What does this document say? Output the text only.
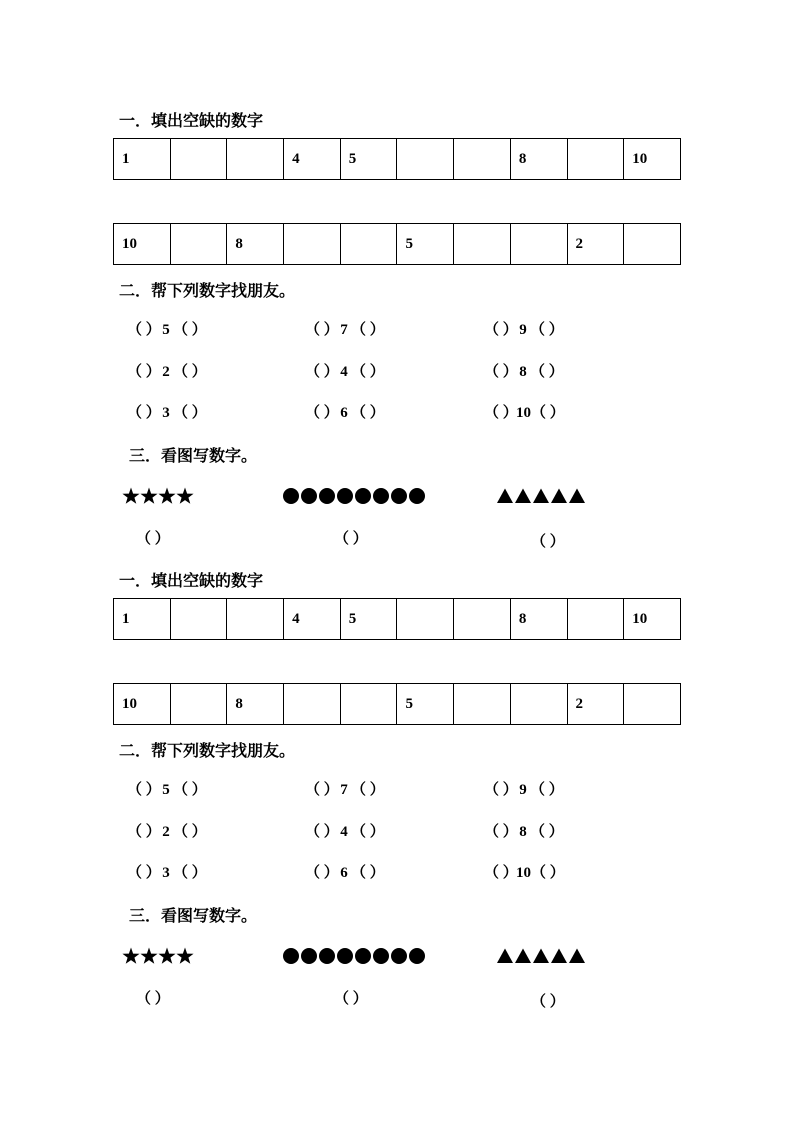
一．填出空缺的数字
1			4	5			8		10
10		8			5			2	
二．帮下列数字找朋友。
（ ）5 （ ）	（ ）7 （ ）	（ ）9 （ ）
（ ）2 （ ）	（ ）4 （ ）	（ ）8 （ ）
（ ）3 （ ）	（ ）6 （ ）	（ ）10（ ）
三．看图写数字。
（ ）	（ ）	（ ）
一．填出空缺的数字
1			4	5			8		10
10		8			5			2	
二．帮下列数字找朋友。
（ ）5 （ ）	（ ）7 （ ）	（ ）9 （ ）
（ ）2 （ ）	（ ）4 （ ）	（ ）8 （ ）
（ ）3 （ ）	（ ）6 （ ）	（ ）10（ ）
三．看图写数字。
（ ）	（ ）	（ ）
